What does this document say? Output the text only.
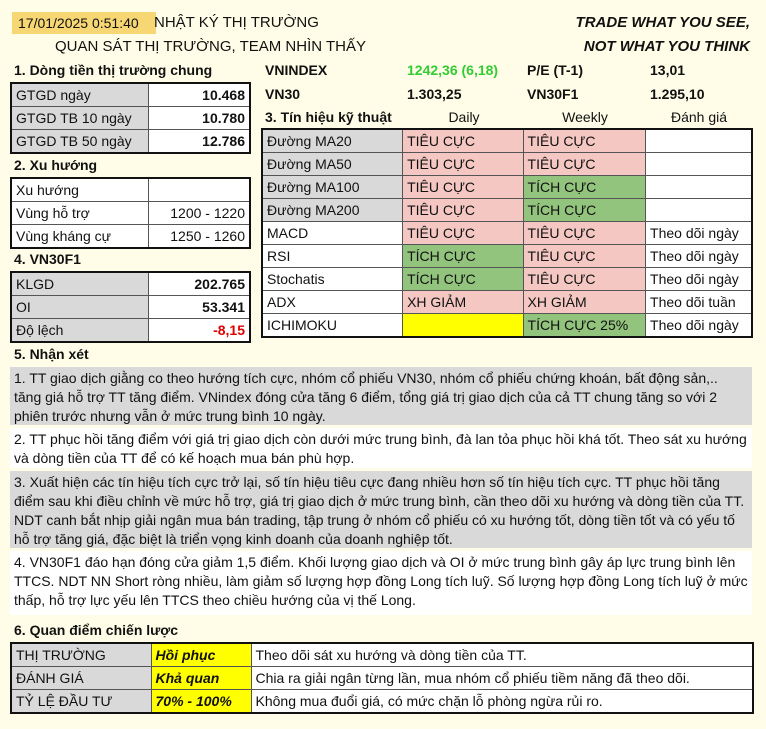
17/01/2025 0:51:40	NHẬT KÝ THỊ TRƯỜNG
QUAN SÁT THỊ TRƯỜNG, TEAM NHÌN THẤY
TRADE WHAT YOU SEE,
NOT WHAT YOU THINK
1. Dòng tiền thị trường chung
GTGD ngày	10.468
GTGD TB 10 ngày	10.780
GTGD TB 50 ngày	12.786
VNINDEX	1242,36 (6,18) P/E (T-1)	13,01
VN30	1.303,25	VN30F1	1.295,10
2. Xu hướng
Xu hướng	
Vùng hỗ trợ	1200 - 1220
Vùng kháng cự	1250 - 1260
4. VN30F1
KLGD	202.765
OI	53.341
Độ lệch	-8,15
3. Tín hiệu kỹ thuật	Daily	Weekly	Đánh giá
Đường MA20	TIÊU CỰC	TIÊU CỰC	
Đường MA50	TIÊU CỰC	TIÊU CỰC	
Đường MA100	TIÊU CỰC	TÍCH CỰC	
Đường MA200	TIÊU CỰC	TÍCH CỰC	
MACD	TIÊU CỰC	TIÊU CỰC	Theo dõi ngày
RSI	TÍCH CỰC	TIÊU CỰC	Theo dõi ngày
Stochatis	TÍCH CỰC	TIÊU CỰC	Theo dõi ngày
ADX	XH GIẢM	XH GIẢM	Theo dõi tuần
ICHIMOKU		TÍCH CỰC 25%	Theo dõi ngày
5. Nhận xét
1. TT giao dịch giằng co theo hướng tích cực, nhóm cổ phiếu VN30, nhóm cổ phiếu chứng khoán, bất động sản,.. tăng giá hỗ trợ TT tăng điểm. VNindex đóng cửa tăng 6 điểm, tổng giá trị giao dịch của cả TT chung tăng so với 2 phiên trước nhưng vẫn ở mức trung bình 10 ngày.
2. TT phục hồi tăng điểm với giá trị giao dịch còn dưới mức trung bình, đà lan tỏa phục hồi khá tốt. Theo sát xu hướng và dòng tiền của TT để có kế hoạch mua bán phù hợp.
3. Xuất hiện các tín hiệu tích cực trở lại, số tín hiệu tiêu cực đang nhiều hơn số tín hiệu tích cực. TT phục hồi tăng điểm sau khi điều chỉnh về mức hỗ trợ, giá trị giao dịch ở mức trung bình, cần theo dõi xu hướng và dòng tiền của TT. NDT canh bắt nhịp giải ngân mua bán trading, tập trung ở nhóm cổ phiếu có xu hướng tốt, dòng tiền tốt và có yếu tố hỗ trợ tăng giá, đặc biệt là triển vọng kinh doanh của doanh nghiệp tốt.
4. VN30F1 đáo hạn đóng cửa giảm 1,5 điểm. Khối lượng giao dịch và OI ở mức trung bình gây áp lực trung bình lên TTCS. NDT NN Short ròng nhiều, làm giảm số lượng hợp đồng Long tích luỹ. Số lượng hợp đồng Long tích luỹ ở mức thấp, hỗ trợ lực yếu lên TTCS theo chiều hướng của vị thế Long.
6. Quan điểm chiến lược
THỊ TRƯỜNG	Hồi phục	Theo dõi sát xu hướng và dòng tiền của TT.
ĐÁNH GIÁ	Khả quan	Chia ra giải ngân từng lần, mua nhóm cổ phiếu tiềm năng đã theo dõi.
TỶ LỆ ĐẦU TƯ	70% - 100%	Không mua đuổi giá, có mức chặn lỗ phòng ngừa rủi ro.
